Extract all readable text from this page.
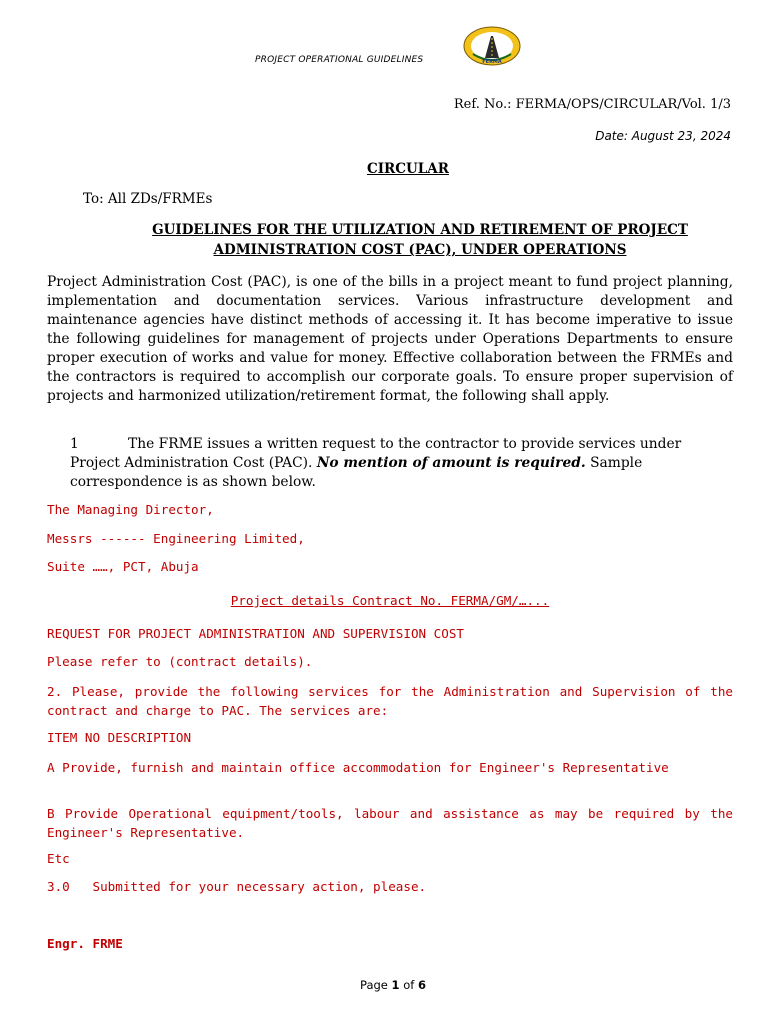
PROJECT OPERATIONAL GUIDELINES	FERMA
Ref. No.: FERMA/OPS/CIRCULAR/Vol. 1/3
Date: August 23, 2024
CIRCULAR
To: All ZDs/FRMEs
GUIDELINES FOR THE UTILIZATION AND RETIREMENT OF PROJECT
ADMINISTRATION COST (PAC), UNDER OPERATIONS
Project Administration Cost (PAC), is one of the bills in a project meant to fund project planning, implementation and documentation services. Various infrastructure development and maintenance agencies have distinct methods of accessing it. It has become imperative to issue the following guidelines for management of projects under Operations Departments to ensure proper execution of works and value for money. Effective collaboration between the FRMEs and the contractors is required to accomplish our corporate goals. To ensure proper supervision of projects and harmonized utilization/retirement format, the following shall apply.
1	The FRME issues a written request to the contractor to provide services under Project Administration Cost (PAC). No mention of amount is required. Sample correspondence is as shown below.
The Managing Director,
Messrs ------ Engineering Limited,
Suite ……, PCT, Abuja
Project details Contract No. FERMA/GM/…...
REQUEST FOR PROJECT ADMINISTRATION AND SUPERVISION COST
Please refer to (contract details).
2. Please, provide the following services for the Administration and Supervision of the contract and charge to PAC. The services are:
ITEM NO DESCRIPTION
A Provide, furnish and maintain office accommodation for Engineer's Representative
B Provide Operational equipment/tools, labour and assistance as may be required by the Engineer's Representative.
Etc
3.0   Submitted for your necessary action, please.
Engr. FRME
Page 1 of 6
